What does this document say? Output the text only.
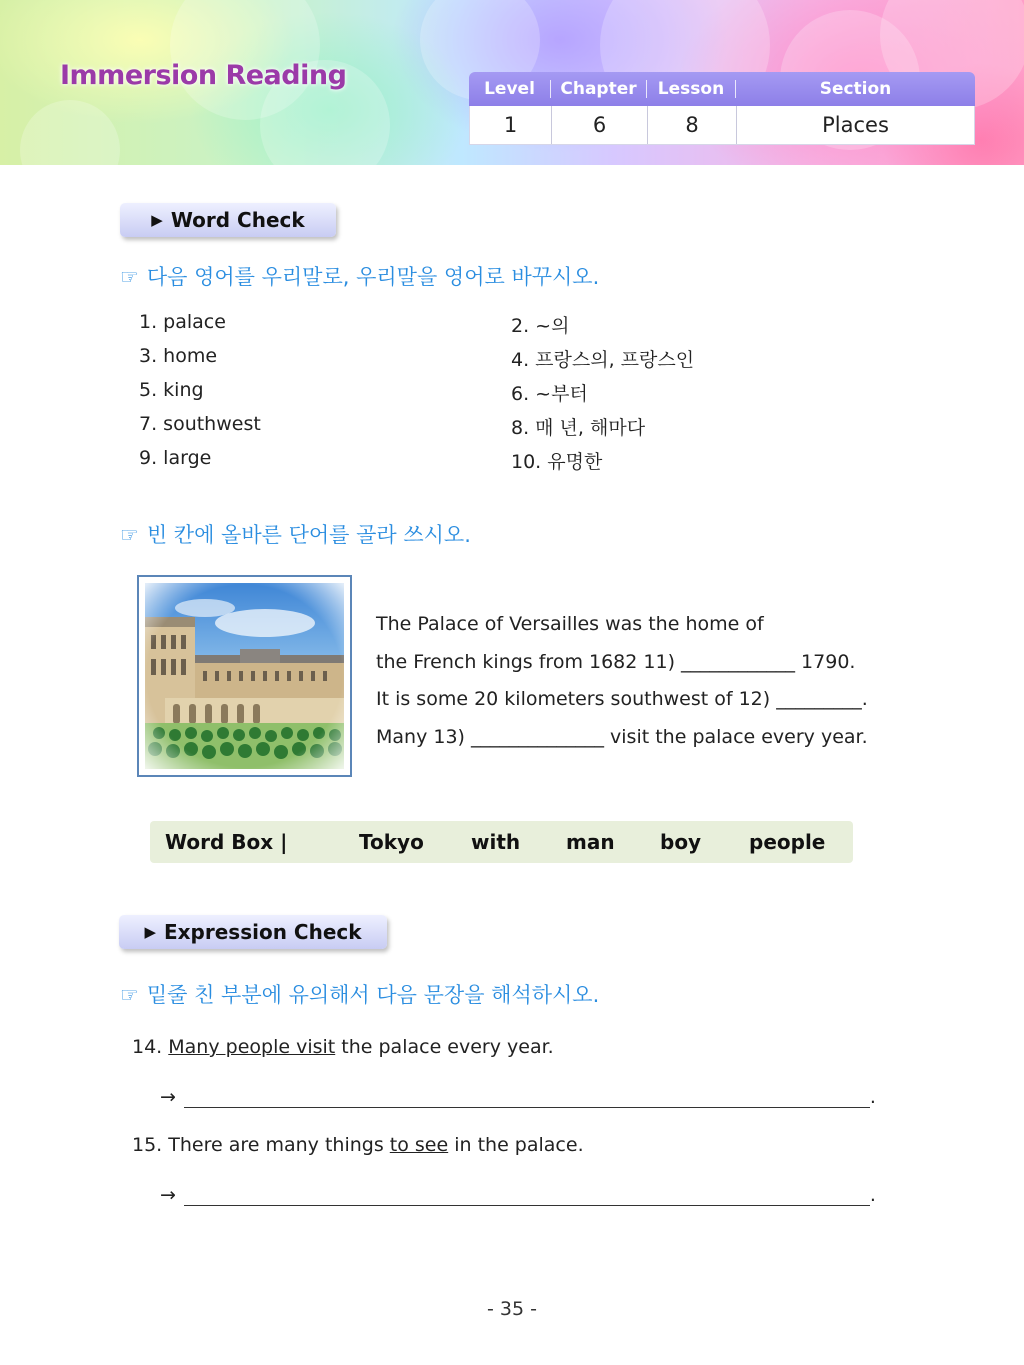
Immersion Reading	Level	Chapter	Lesson	Section
1	6	8	Places
▶ Word Check
☞ 다음 영어를 우리말로, 우리말을 영어로 바꾸시오.
1. palace	2. ~의
3. home	4. 프랑스의, 프랑스인
5. king	6. ~부터
7. southwest	8. 매 년, 해마다
9. large	10. 유명한
☞ 빈 칸에 올바른 단어를 골라 쓰시오.
The Palace of Versailles was the home of
the French kings from 1682 11) ____________ 1790.
It is some 20 kilometers southwest of 12) _________.
Many 13) ______________ visit the palace every year.
Word Box |	Tokyo with man boy people
▶ Expression Check
☞ 밑줄 친 부분에 유의해서 다음 문장을 해석하시오.
14. Many people visit the palace every year.
→	.
15. There are many things to see in the palace.
→	.
- 35 -
